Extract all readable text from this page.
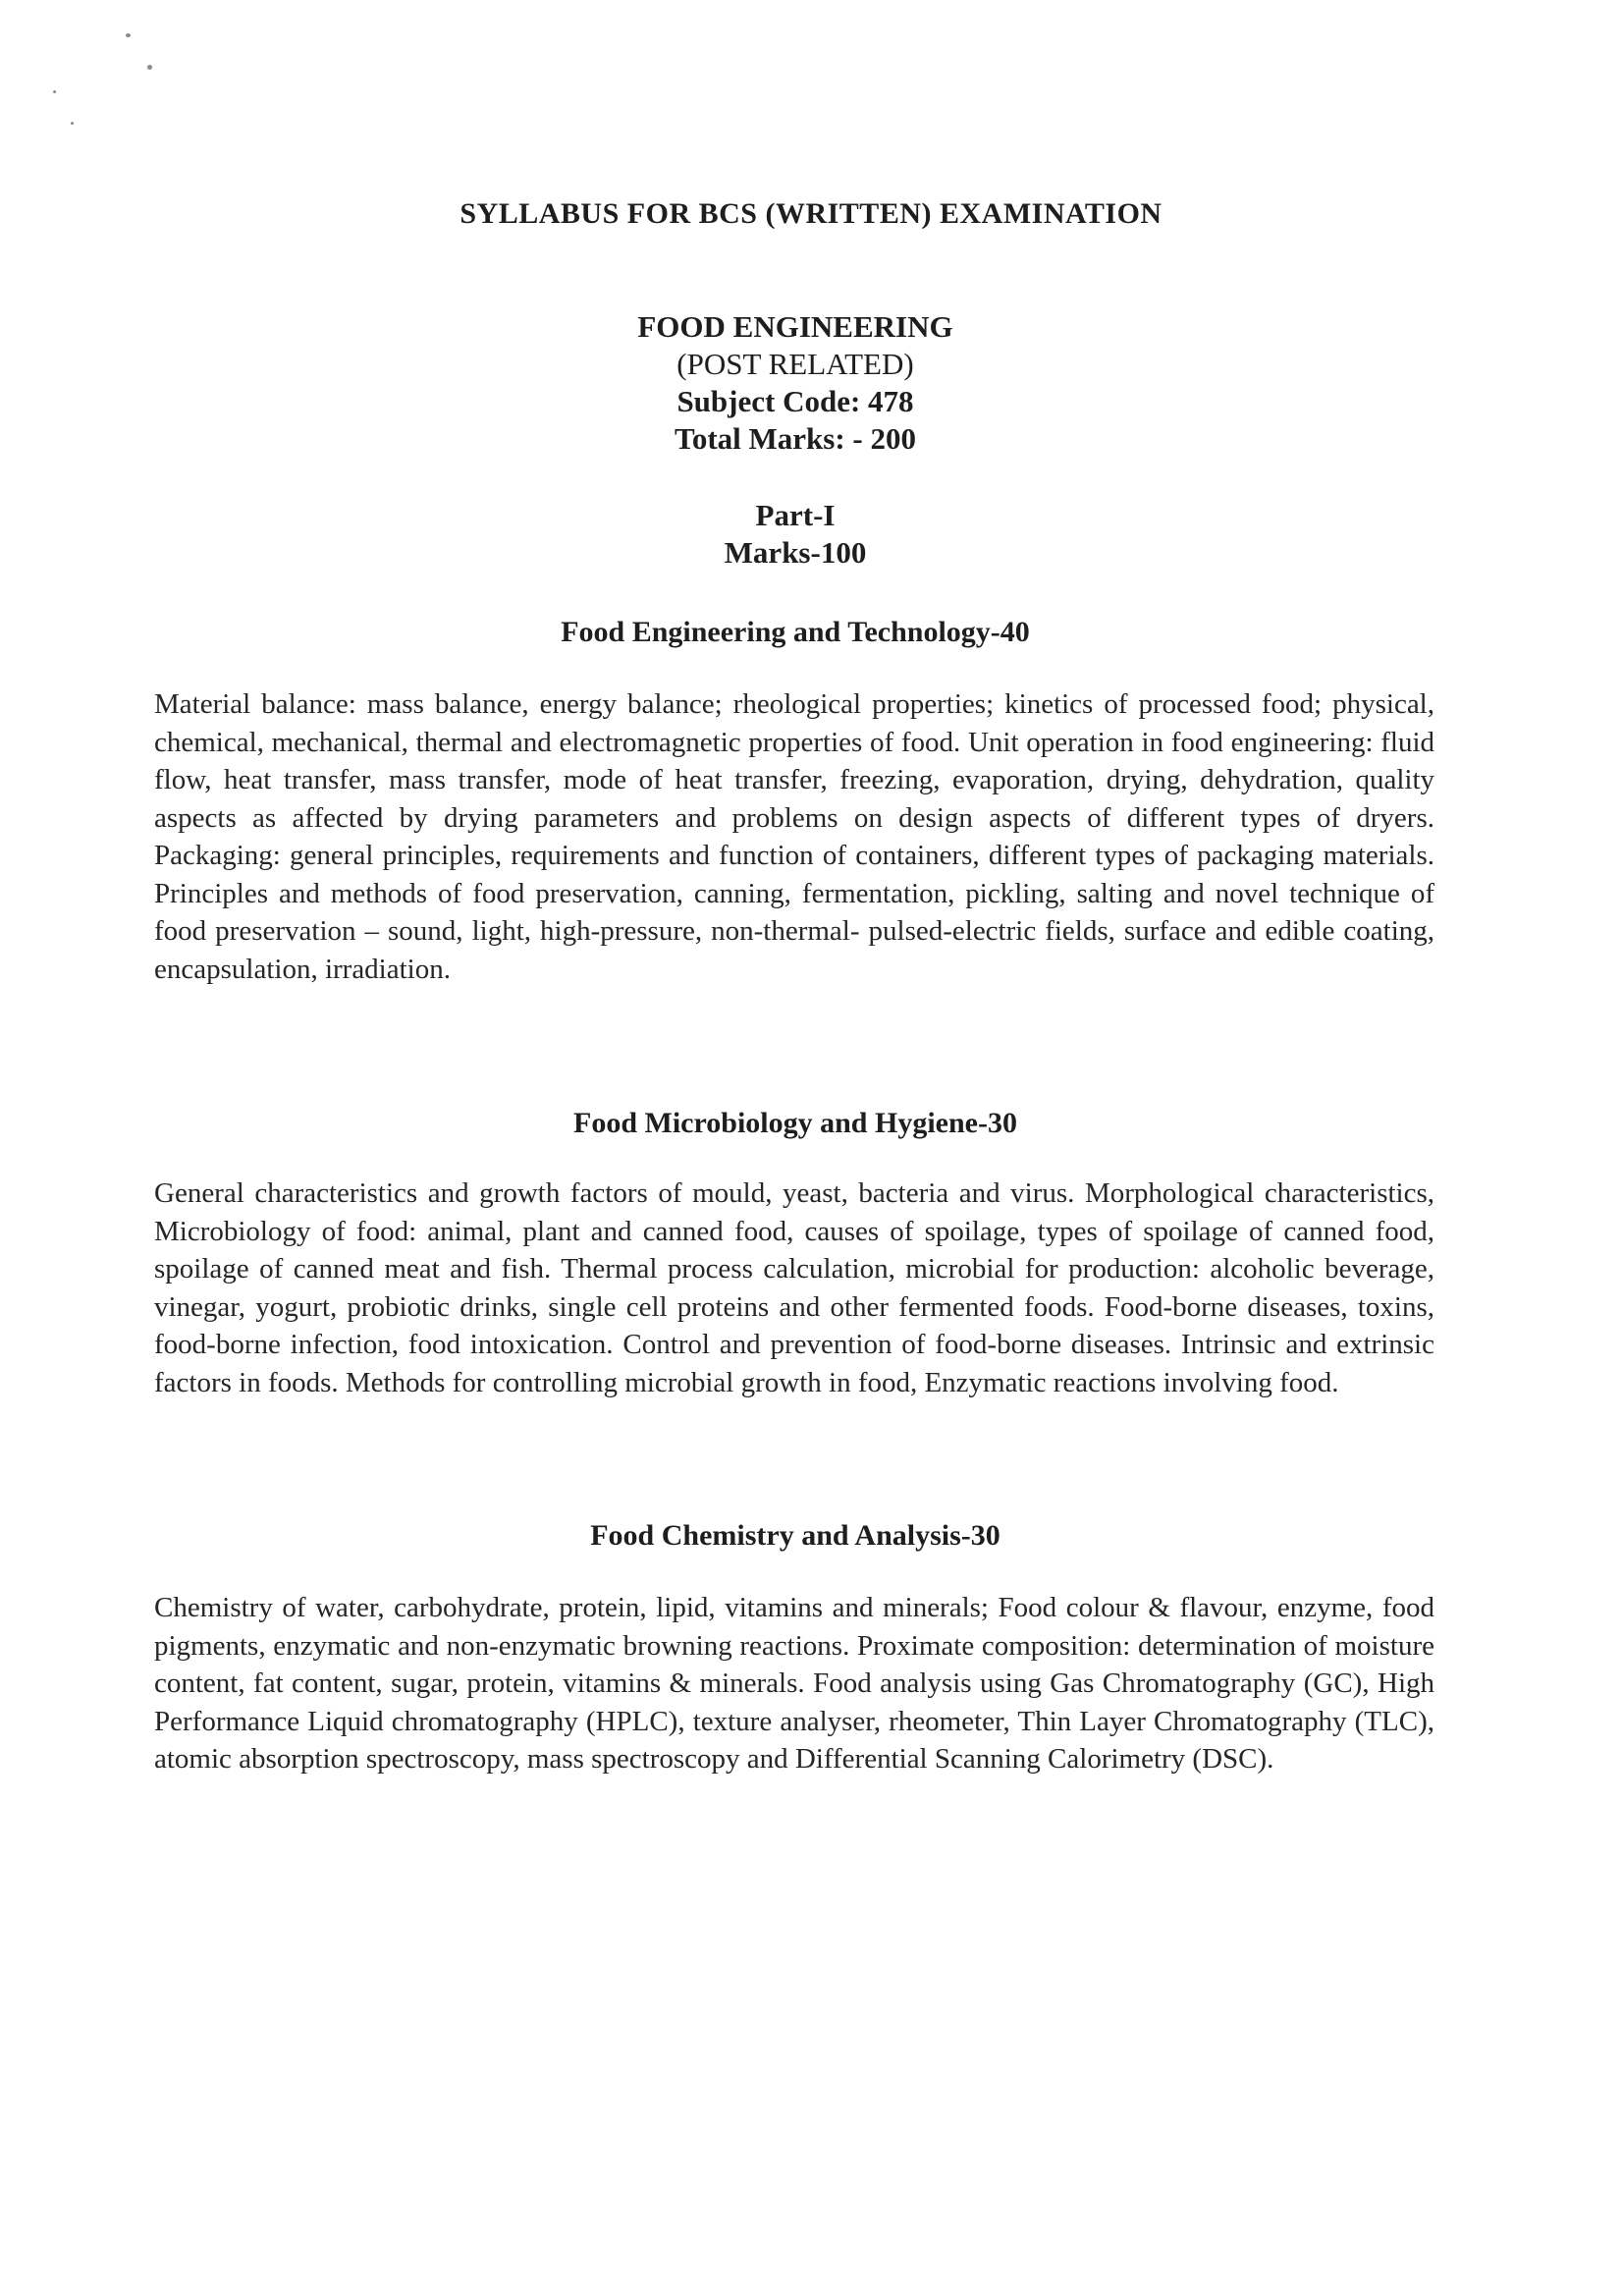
SYLLABUS FOR BCS (WRITTEN) EXAMINATION
FOOD ENGINEERING
(POST RELATED)
Subject Code: 478
Total Marks: - 200
Part-I
Marks-100
Food Engineering and Technology-40

Material balance: mass balance, energy balance; rheological properties; kinetics of processed food; physical, chemical, mechanical, thermal and electromagnetic properties of food. Unit operation in food engineering: fluid flow, heat transfer, mass transfer, mode of heat transfer, freezing, evaporation, drying, dehydration, quality aspects as affected by drying parameters and problems on design aspects of different types of dryers. Packaging: general principles, requirements and function of containers, different types of packaging materials. Principles and methods of food preservation, canning, fermentation, pickling, salting and novel technique of food preservation – sound, light, high-pressure, non-thermal- pulsed-electric fields, surface and edible coating, encapsulation, irradiation.

Food Microbiology and Hygiene-30

General characteristics and growth factors of mould, yeast, bacteria and virus. Morphological characteristics, Microbiology of food: animal, plant and canned food, causes of spoilage, types of spoilage of canned food, spoilage of canned meat and fish. Thermal process calculation, microbial for production: alcoholic beverage, vinegar, yogurt, probiotic drinks, single cell proteins and other fermented foods. Food-borne diseases, toxins, food-borne infection, food intoxication. Control and prevention of food-borne diseases. Intrinsic and extrinsic factors in foods. Methods for controlling microbial growth in food, Enzymatic reactions involving food.

Food Chemistry and Analysis-30

Chemistry of water, carbohydrate, protein, lipid, vitamins and minerals; Food colour & flavour, enzyme, food pigments, enzymatic and non-enzymatic browning reactions. Proximate composition: determination of moisture content, fat content, sugar, protein, vitamins & minerals. Food analysis using Gas Chromatography (GC), High Performance Liquid chromatography (HPLC), texture analyser, rheometer, Thin Layer Chromatography (TLC), atomic absorption spectroscopy, mass spectroscopy and Differential Scanning Calorimetry (DSC).
